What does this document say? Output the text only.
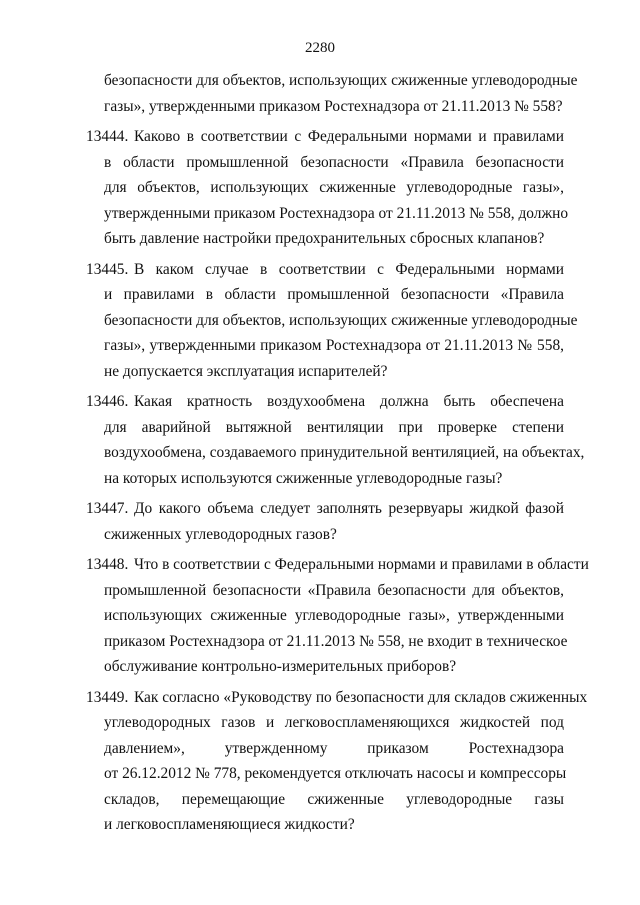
2280
безопасности для объектов, использующих сжиженные углеводородные
газы», утвержденными приказом Ростехнадзора от 21.11.2013 № 558?
13444. Каково в соответствии с Федеральными нормами и правилами
в области промышленной безопасности «Правила безопасности
для объектов, использующих сжиженные углеводородные газы»,
утвержденными приказом Ростехнадзора от 21.11.2013 № 558, должно
быть давление настройки предохранительных сбросных клапанов?
13445. В каком случае в соответствии с Федеральными нормами
и правилами в области промышленной безопасности «Правила
безопасности для объектов, использующих сжиженные углеводородные
газы», утвержденными приказом Ростехнадзора от 21.11.2013 № 558,
не допускается эксплуатация испарителей?
13446. Какая кратность воздухообмена должна быть обеспечена
для аварийной вытяжной вентиляции при проверке степени
воздухообмена, создаваемого принудительной вентиляцией, на объектах,
на которых используются сжиженные углеводородные газы?
13447. До какого объема следует заполнять резервуары жидкой фазой
сжиженных углеводородных газов?
13448. Что в соответствии с Федеральными нормами и правилами в области
промышленной безопасности «Правила безопасности для объектов,
использующих сжиженные углеводородные газы», утвержденными
приказом Ростехнадзора от 21.11.2013 № 558, не входит в техническое
обслуживание контрольно-измерительных приборов?
13449. Как согласно «Руководству по безопасности для складов сжиженных
углеводородных газов и легковоспламеняющихся жидкостей под
давлением», утвержденному приказом Ростехнадзора
от 26.12.2012 № 778, рекомендуется отключать насосы и компрессоры
складов, перемещающие сжиженные углеводородные газы
и легковоспламеняющиеся жидкости?
